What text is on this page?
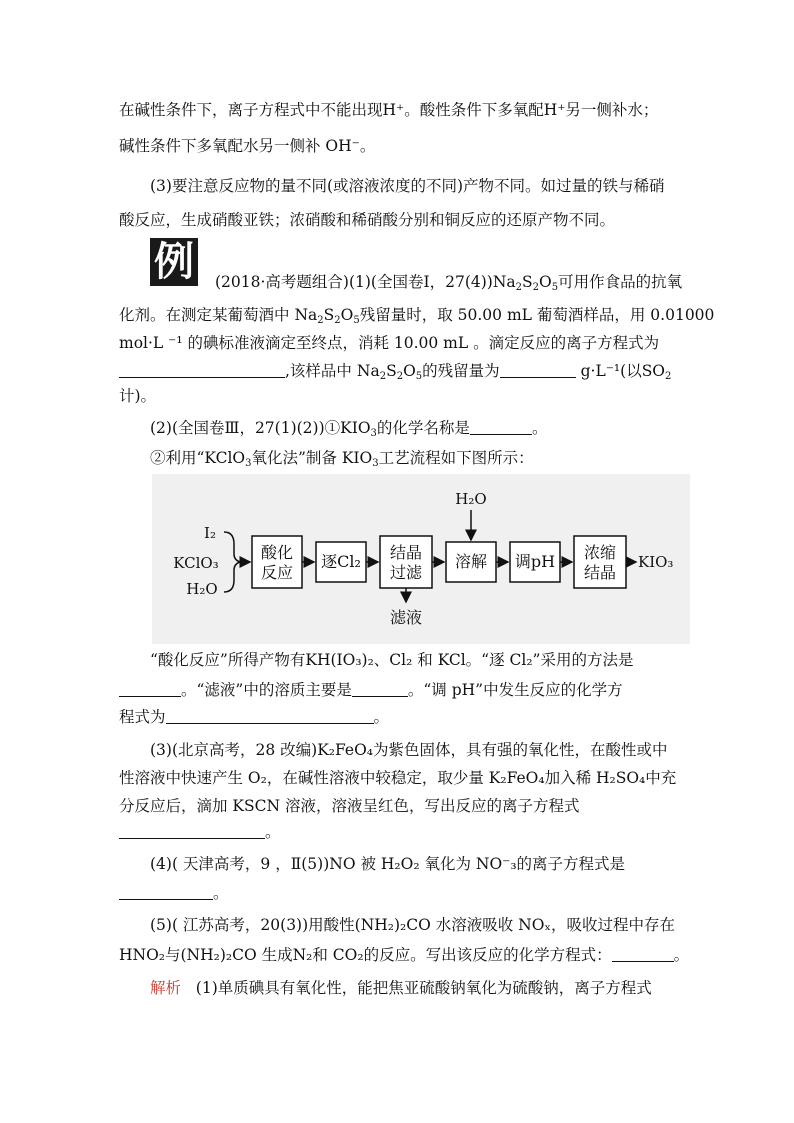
在碱性条件下，离子方程式中不能出现H⁺。酸性条件下多氧配H⁺另一侧补水；
碱性条件下多氧配水另一侧补 OH⁻。
(3)要注意反应物的量不同(或溶液浓度的不同)产物不同。如过量的铁与稀硝
酸反应，生成硝酸亚铁；浓硝酸和稀硝酸分别和铜反应的还原产物不同。
例 (2018·高考题组合)(1)(全国卷Ⅰ，$27(4))Na_2S_2O_5$可用作食品的抗氧
化剂。在测定某葡萄酒中 $Na_2S_2O_5$残留量时，取 50.00 mL 葡萄酒样品，用 0.01000
mol·L ⁻¹ 的碘标准液滴定至终点，消耗 10.00 mL 。滴定反应的离子方程式为
,该样品中 $Na_2S_2O_5$的残留量为	g·L⁻¹(以$SO_2$
计)。
(2)(全国卷Ⅲ，$27(1)(2))①KIO_3$的化学名称是	。
②利用“KClO$_3$氧化法”制备 $KIO_3$工艺流程如下图所示：
I₂
KClO₃
H₂O
酸化
反应
逐Cl₂ 结晶
过滤
滤液
溶解
H₂O
调pH 浓缩
结晶
KIO₃
“酸化反应”所得产物有KH(IO₃)₂、Cl₂ 和 KCl。“逐 Cl₂”采用的方法是
。“滤液”中的溶质主要是	。“调 pH”中发生反应的化学方
程式为	。
(3)(北京高考，28 改编)K₂FeO₄为紫色固体，具有强的氧化性，在酸性或中
性溶液中快速产生 O₂，在碱性溶液中较稳定，取少量 K₂FeO₄加入稀 H₂SO₄中充
分反应后，滴加 KSCN 溶液，溶液呈红色，写出反应的离子方程式
。
(4)( 天津高考，9 ，Ⅱ(5))NO 被 H₂O₂ 氧化为 NO⁻₃的离子方程式是
。
(5)( 江苏高考，20(3))用酸性(NH₂)₂CO 水溶液吸收 NOₓ，吸收过程中存在
HNO₂与(NH₂)₂CO 生成N₂和 CO₂的反应。写出该反应的化学方程式：	。
解析 (1)单质碘具有氧化性，能把焦亚硫酸钠氧化为硫酸钠，离子方程式
